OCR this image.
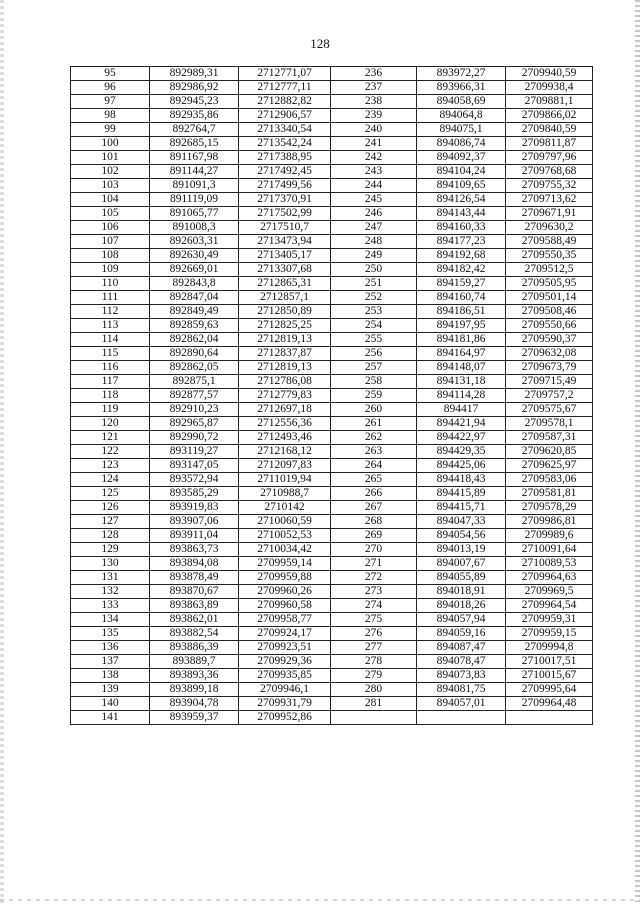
128
95	892989,31	2712771,07	236	893972,27	2709940,59
96	892986,92	2712777,11	237	893966,31	2709938,4
97	892945,23	2712882,82	238	894058,69	2709881,1
98	892935,86	2712906,57	239	894064,8	2709866,02
99	892764,7	2713340,54	240	894075,1	2709840,59
100	892685,15	2713542,24	241	894086,74	2709811,87
101	891167,98	2717388,95	242	894092,37	2709797,96
102	891144,27	2717492,45	243	894104,24	2709768,68
103	891091,3	2717499,56	244	894109,65	2709755,32
104	891119,09	2717370,91	245	894126,54	2709713,62
105	891065,77	2717502,99	246	894143,44	2709671,91
106	891008,3	2717510,7	247	894160,33	2709630,2
107	892603,31	2713473,94	248	894177,23	2709588,49
108	892630,49	2713405,17	249	894192,68	2709550,35
109	892669,01	2713307,68	250	894182,42	2709512,5
110	892843,8	2712865,31	251	894159,27	2709505,95
111	892847,04	2712857,1	252	894160,74	2709501,14
112	892849,49	2712850,89	253	894186,51	2709508,46
113	892859,63	2712825,25	254	894197,95	2709550,66
114	892862,04	2712819,13	255	894181,86	2709590,37
115	892890,64	2712837,87	256	894164,97	2709632,08
116	892862,05	2712819,13	257	894148,07	2709673,79
117	892875,1	2712786,08	258	894131,18	2709715,49
118	892877,57	2712779,83	259	894114,28	2709757,2
119	892910,23	2712697,18	260	894417	2709575,67
120	892965,87	2712556,36	261	894421,94	2709578,1
121	892990,72	2712493,46	262	894422,97	2709587,31
122	893119,27	2712168,12	263	894429,35	2709620,85
123	893147,05	2712097,83	264	894425,06	2709625,97
124	893572,94	2711019,94	265	894418,43	2709583,06
125	893585,29	2710988,7	266	894415,89	2709581,81
126	893919,83	2710142	267	894415,71	2709578,29
127	893907,06	2710060,59	268	894047,33	2709986,81
128	893911,04	2710052,53	269	894054,56	2709989,6
129	893863,73	2710034,42	270	894013,19	2710091,64
130	893894,08	2709959,14	271	894007,67	2710089,53
131	893878,49	2709959,88	272	894055,89	2709964,63
132	893870,67	2709960,26	273	894018,91	2709969,5
133	893863,89	2709960,58	274	894018,26	2709964,54
134	893862,01	2709958,77	275	894057,94	2709959,31
135	893882,54	2709924,17	276	894059,16	2709959,15
136	893886,39	2709923,51	277	894087,47	2709994,8
137	893889,7	2709929,36	278	894078,47	2710017,51
138	893893,36	2709935,85	279	894073,83	2710015,67
139	893899,18	2709946,1	280	894081,75	2709995,64
140	893904,78	2709931,79	281	894057,01	2709964,48
141	893959,37	2709952,86			
